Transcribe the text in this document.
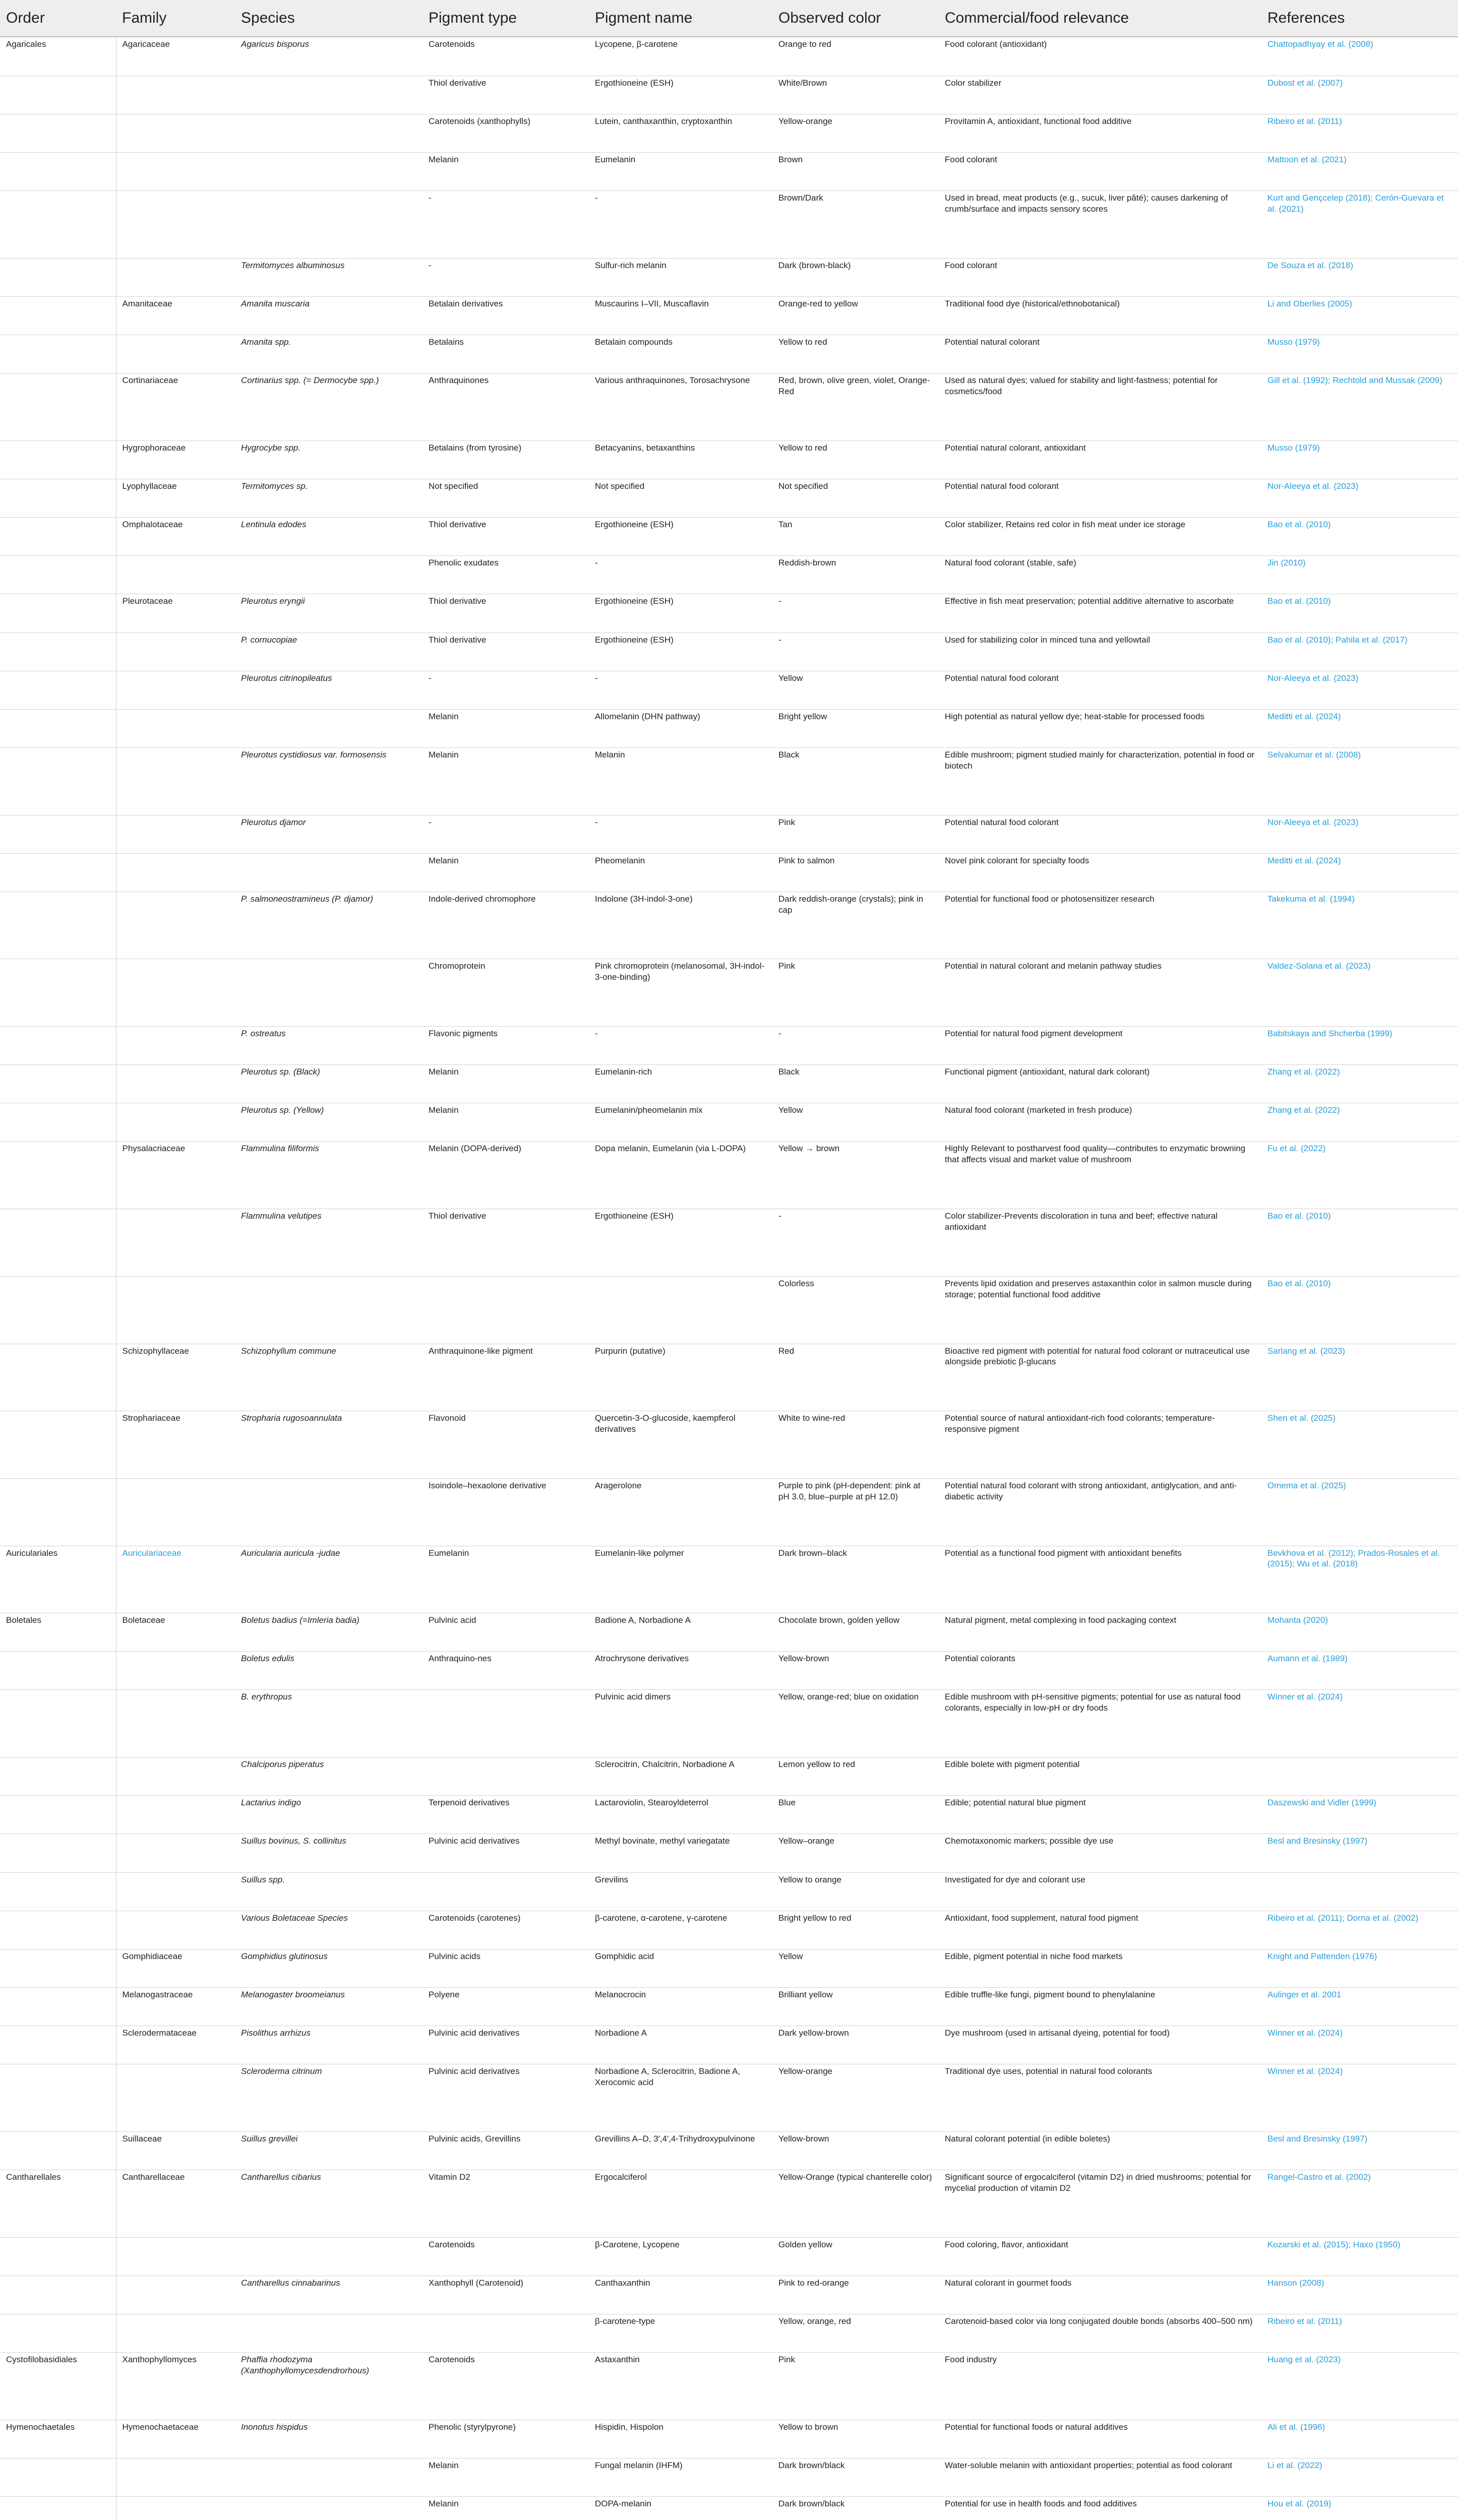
Order	Family	Species	Pigment type	Pigment name	Observed color	Commercial/food relevance	References
Agaricales	Agaricaceae	Agaricus bisporus	Carotenoids	Lycopene, β-carotene	Orange to red	Food colorant (antioxidant)	Chattopadhyay et al. (2008)
			Thiol derivative	Ergothioneine (ESH)	White/Brown	Color stabilizer	Dubost et al. (2007)
			Carotenoids (xanthophylls)	Lutein, canthaxanthin, cryptoxanthin	Yellow-orange	Provitamin A, antioxidant, functional food additive	Ribeiro et al. (2011)
			Melanin	Eumelanin	Brown	Food colorant	Mattoon et al. (2021)
			-	-	Brown/Dark	Used in bread, meat products (e.g., sucuk, liver pâté); causes darkening of crumb/surface and impacts sensory scores	Kurt and Gençcelep (2018); Cerón-Guevara et al. (2021)
		Termitomyces albuminosus	-	Sulfur-rich melanin	Dark (brown-black)	Food colorant	De Souza et al. (2018)
	Amanitaceae	Amanita muscaria	Betalain derivatives	Muscaurins I–VII, Muscaflavin	Orange-red to yellow	Traditional food dye (historical/ethnobotanical)	Li and Oberlies (2005)
		Amanita spp.	Betalains	Betalain compounds	Yellow to red	Potential natural colorant	Musso (1979)
	Cortinariaceae	Cortinarius spp. (= Dermocybe spp.)	Anthraquinones	Various anthraquinones, Torosachrysone	Red, brown, olive green, violet, Orange-Red	Used as natural dyes; valued for stability and light-fastness; potential for cosmetics/food	Gill et al. (1992); Rechtold and Mussak (2009)
	Hygrophoraceae	Hygrocybe spp.	Betalains (from tyrosine)	Betacyanins, betaxanthins	Yellow to red	Potential natural colorant, antioxidant	Musso (1979)
	Lyophyllaceae	Termitomyces sp.	Not specified	Not specified	Not specified	Potential natural food colorant	Nor-Aleeya et al. (2023)
	Omphalotaceae	Lentinula edodes	Thiol derivative	Ergothioneine (ESH)	Tan	Color stabilizer, Retains red color in fish meat under ice storage	Bao et al. (2010)
			Phenolic exudates	-	Reddish-brown	Natural food colorant (stable, safe)	Jin (2010)
	Pleurotaceae	Pleurotus eryngii	Thiol derivative	Ergothioneine (ESH)	-	Effective in fish meat preservation; potential additive alternative to ascorbate	Bao et al. (2010)
		P. cornucopiae	Thiol derivative	Ergothioneine (ESH)	-	Used for stabilizing color in minced tuna and yellowtail	Bao et al. (2010); Pahila et al. (2017)
		Pleurotus citrinopileatus	-	-	Yellow	Potential natural food colorant	Nor-Aleeya et al. (2023)
			Melanin	Allomelanin (DHN pathway)	Bright yellow	High potential as natural yellow dye; heat-stable for processed foods	Meditti et al. (2024)
		Pleurotus cystidiosus var. formosensis	Melanin	Melanin	Black	Edible mushroom; pigment studied mainly for characterization, potential in food or biotech	Selvakumar et al. (2008)
		Pleurotus djamor	-	-	Pink	Potential natural food colorant	Nor-Aleeya et al. (2023)
			Melanin	Pheomelanin	Pink to salmon	Novel pink colorant for specialty foods	Meditti et al. (2024)
		P. salmoneostramineus (P. djamor)	Indole-derived chromophore	Indolone (3H-indol-3-one)	Dark reddish-orange (crystals); pink in cap	Potential for functional food or photosensitizer research	Takekuma et al. (1994)
			Chromoprotein	Pink chromoprotein (melanosomal, 3H-indol-3-one-binding)	Pink	Potential in natural colorant and melanin pathway studies	Valdez-Solana et al. (2023)
		P. ostreatus	Flavonic pigments	-	-	Potential for natural food pigment development	Babitskaya and Shcherba (1999)
		Pleurotus sp. (Black)	Melanin	Eumelanin-rich	Black	Functional pigment (antioxidant, natural dark colorant)	Zhang et al. (2022)
		Pleurotus sp. (Yellow)	Melanin	Eumelanin/pheomelanin mix	Yellow	Natural food colorant (marketed in fresh produce)	Zhang et al. (2022)
	Physalacriaceae	Flammulina filiformis	Melanin (DOPA-derived)	Dopa melanin, Eumelanin (via L-DOPA)	Yellow → brown	Highly Relevant to postharvest food quality—contributes to enzymatic browning that affects visual and market value of mushroom	Fu et al. (2022)
		Flammulina velutipes	Thiol derivative	Ergothioneine (ESH)	-	Color stabilizer-Prevents discoloration in tuna and beef; effective natural antioxidant	Bao et al. (2010)
					Colorless	Prevents lipid oxidation and preserves astaxanthin color in salmon muscle during storage; potential functional food additive	Bao et al. (2010)
	Schizophyllaceae	Schizophyllum commune	Anthraquinone-like pigment	Purpurin (putative)	Red	Bioactive red pigment with potential for natural food colorant or nutraceutical use alongside prebiotic β-glucans	Sarlang et al. (2023)
	Strophariaceae	Stropharia rugosoannulata	Flavonoid	Quercetin-3-O-glucoside, kaempferol derivatives	White to wine-red	Potential source of natural antioxidant-rich food colorants; temperature-responsive pigment	Shen et al. (2025)
			Isoindole–hexaolone derivative	Aragerolone	Purple to pink (pH-dependent: pink at pH 3.0, blue–purple at pH 12.0)	Potential natural food colorant with strong antioxidant, antiglycation, and anti-diabetic activity	Omema et al. (2025)
Auriculariales	Auriculariaceae	Auricularia auricula -judae	Eumelanin	Eumelanin-like polymer	Dark brown–black	Potential as a functional food pigment with antioxidant benefits	Bevkhova et al. (2012); Prados-Rosales et al. (2015); Wu et al. (2018)
Boletales	Boletaceae	Boletus badius (=Imleria badia)	Pulvinic acid	Badione A, Norbadione A	Chocolate brown, golden yellow	Natural pigment, metal complexing in food packaging context	Mohanta (2020)
		Boletus edulis	Anthraquino-nes	Atrochrysone derivatives	Yellow-brown	Potential colorants	Aumann et al. (1989)
		B. erythropus		Pulvinic acid dimers	Yellow, orange-red; blue on oxidation	Edible mushroom with pH-sensitive pigments; potential for use as natural food colorants, especially in low-pH or dry foods	Winner et al. (2024)
		Chalciporus piperatus		Sclerocitrin, Chalcitrin, Norbadione A	Lemon yellow to red	Edible bolete with pigment potential	
		Lactarius indigo	Terpenoid derivatives	Lactaroviolin, Stearoyldeterrol	Blue	Edible; potential natural blue pigment	Daszewski and Vidler (1999)
		Suillus bovinus, S. collinitus	Pulvinic acid derivatives	Methyl bovinate, methyl variegatate	Yellow–orange	Chemotaxonomic markers; possible dye use	Besl and Bresinsky (1997)
		Suillus spp.		Grevilins	Yellow to orange	Investigated for dye and colorant use	
		Various Boletaceae Species	Carotenoids (carotenes)	β-carotene, α-carotene, γ-carotene	Bright yellow to red	Antioxidant, food supplement, natural food pigment	Ribeiro et al. (2011); Dorna et al. (2002)
	Gomphidiaceae	Gomphidius glutinosus	Pulvinic acids	Gomphidic acid	Yellow	Edible, pigment potential in niche food markets	Knight and Pattenden (1976)
	Melanogastraceae	Melanogaster broomeianus	Polyene	Melanocrocin	Brilliant yellow	Edible truffle-like fungi, pigment bound to phenylalanine	Aulinger et al. 2001
	Sclerodermataceae	Pisolithus arrhizus	Pulvinic acid derivatives	Norbadione A	Dark yellow-brown	Dye mushroom (used in artisanal dyeing, potential for food)	Winner et al. (2024)
		Scleroderma citrinum	Pulvinic acid derivatives	Norbadione A, Sclerocitrin, Badione A, Xerocomic acid	Yellow-orange	Traditional dye uses, potential in natural food colorants	Winner et al. (2024)
	Suillaceae	Suillus grevillei	Pulvinic acids, Grevillins	Grevillins A–D, 3′,4′,4-Trihydroxypulvinone	Yellow-brown	Natural colorant potential (in edible boletes)	Besl and Bresinsky (1997)
Cantharellales	Cantharellaceae	Cantharellus cibarius	Vitamin D2	Ergocalciferol	Yellow-Orange (typical chanterelle color)	Significant source of ergocalciferol (vitamin D2) in dried mushrooms; potential for mycelial production of vitamin D2	Rangel-Castro et al. (2002)
			Carotenoids	β-Carotene, Lycopene	Golden yellow	Food coloring, flavor, antioxidant	Kozarski et al. (2015); Haxo (1950)
		Cantharellus cinnabarinus	Xanthophyll (Carotenoid)	Canthaxanthin	Pink to red-orange	Natural colorant in gourmet foods	Hanson (2008)
				β-carotene-type	Yellow, orange, red	Carotenoid-based color via long conjugated double bonds (absorbs 400–500 nm)	Ribeiro et al. (2011)
Cystofilobasidiales	Xanthophyllomyces	Phaffia rhodozyma (Xanthophyllomycesdendrorhous)	Carotenoids	Astaxanthin	Pink	Food industry	Huang et al. (2023)
Hymenochaetales	Hymenochaetaceae	Inonotus hispidus	Phenolic (styrylpyrone)	Hispidin, Hispolon	Yellow to brown	Potential for functional foods or natural additives	Ali et al. (1996)
			Melanin	Fungal melanin (IHFM)	Dark brown/black	Water-soluble melanin with antioxidant properties; potential as food colorant	Li et al. (2022)
			Melanin	DOPA-melanin	Dark brown/black	Potential for use in health foods and food additives	Hou et al. (2019)
